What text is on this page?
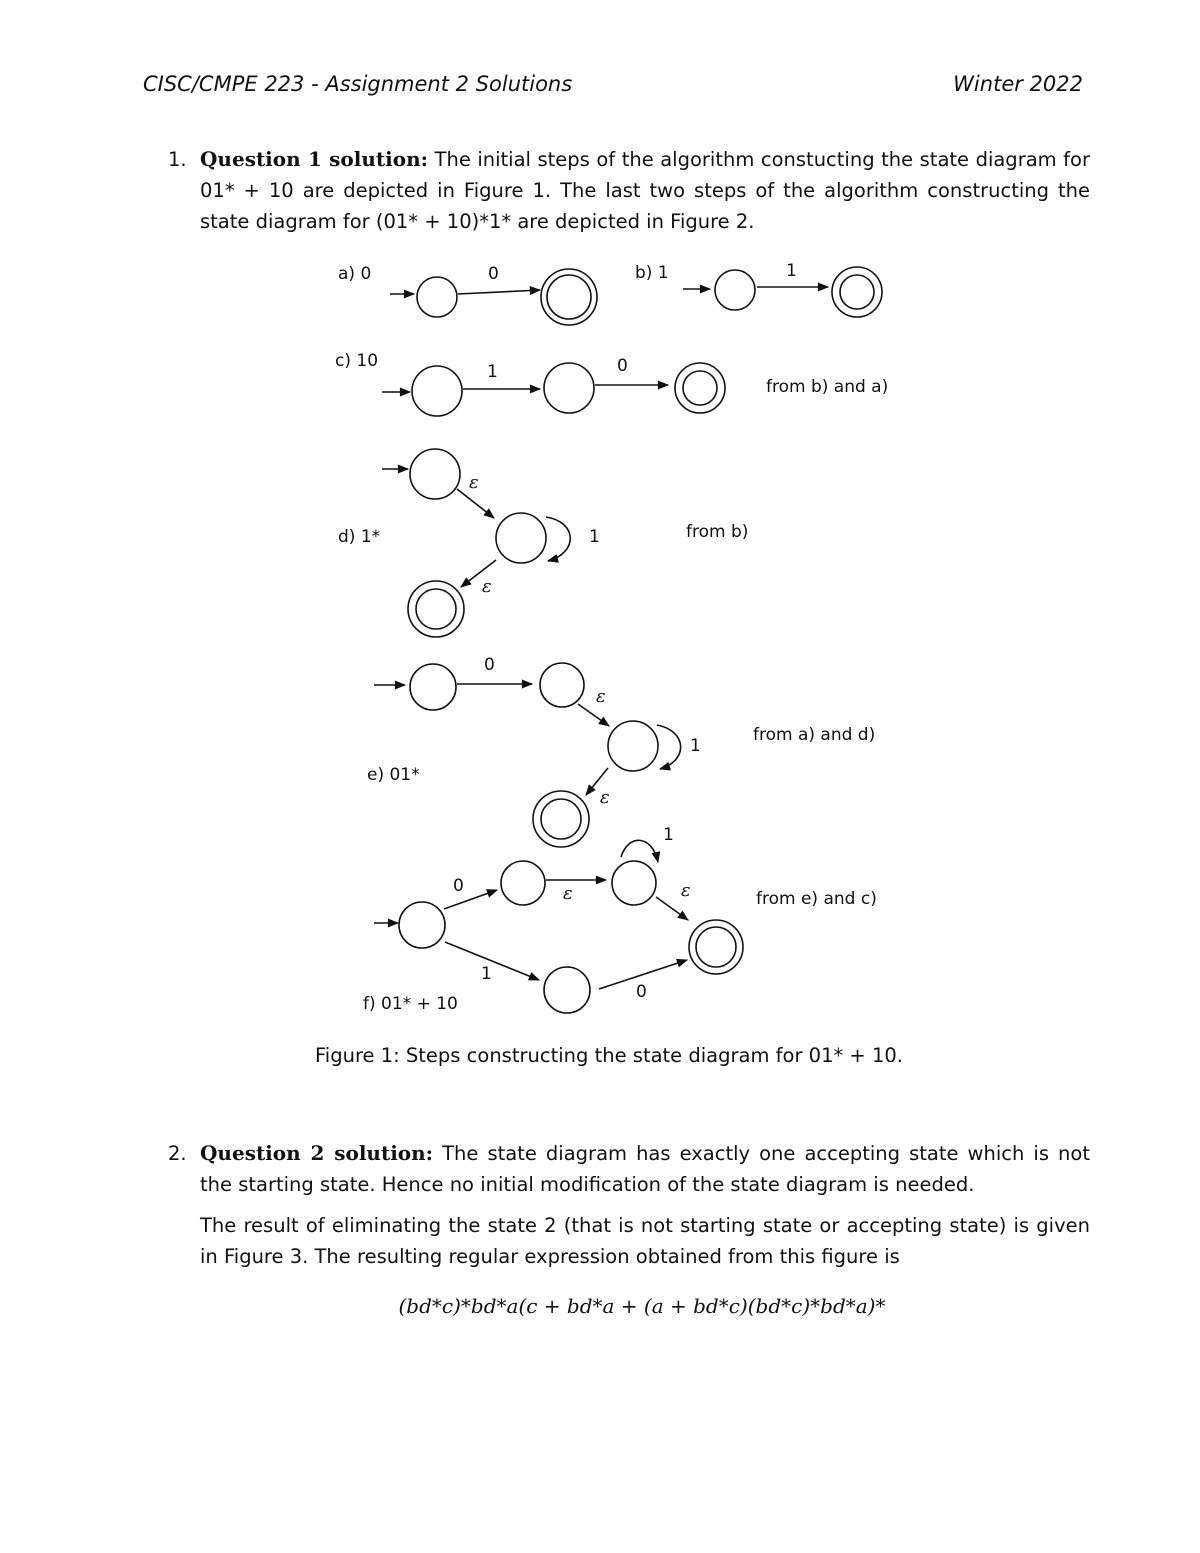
CISC/CMPE 223 - Assignment 2 Solutions	Winter 2022
1. Question 1 solution: The initial steps of the algorithm constucting the state diagram for 01* + 10 are depicted in Figure 1. The last two steps of the algorithm constructing the state diagram for (01* + 10)*1* are depicted in Figure 2.
a) 0	b) 1
c) 10
d) 1*
e) 01*
f) 01* + 10
from b) and a)
from b)
from a) and d)
from e) and c)
0	1
1	0
ε
1
ε
0
ε
1
ε
1
0	ε	ε
1
0
Figure 1: Steps constructing the state diagram for 01* + 10.
2. Question 2 solution: The state diagram has exactly one accepting state which is not the starting state. Hence no initial modification of the state diagram is needed.
The result of eliminating the state 2 (that is not starting state or accepting state) is given in Figure 3. The resulting regular expression obtained from this figure is
(bd*c)*bd*a(c + bd*a + (a + bd*c)(bd*c)*bd*a)*
